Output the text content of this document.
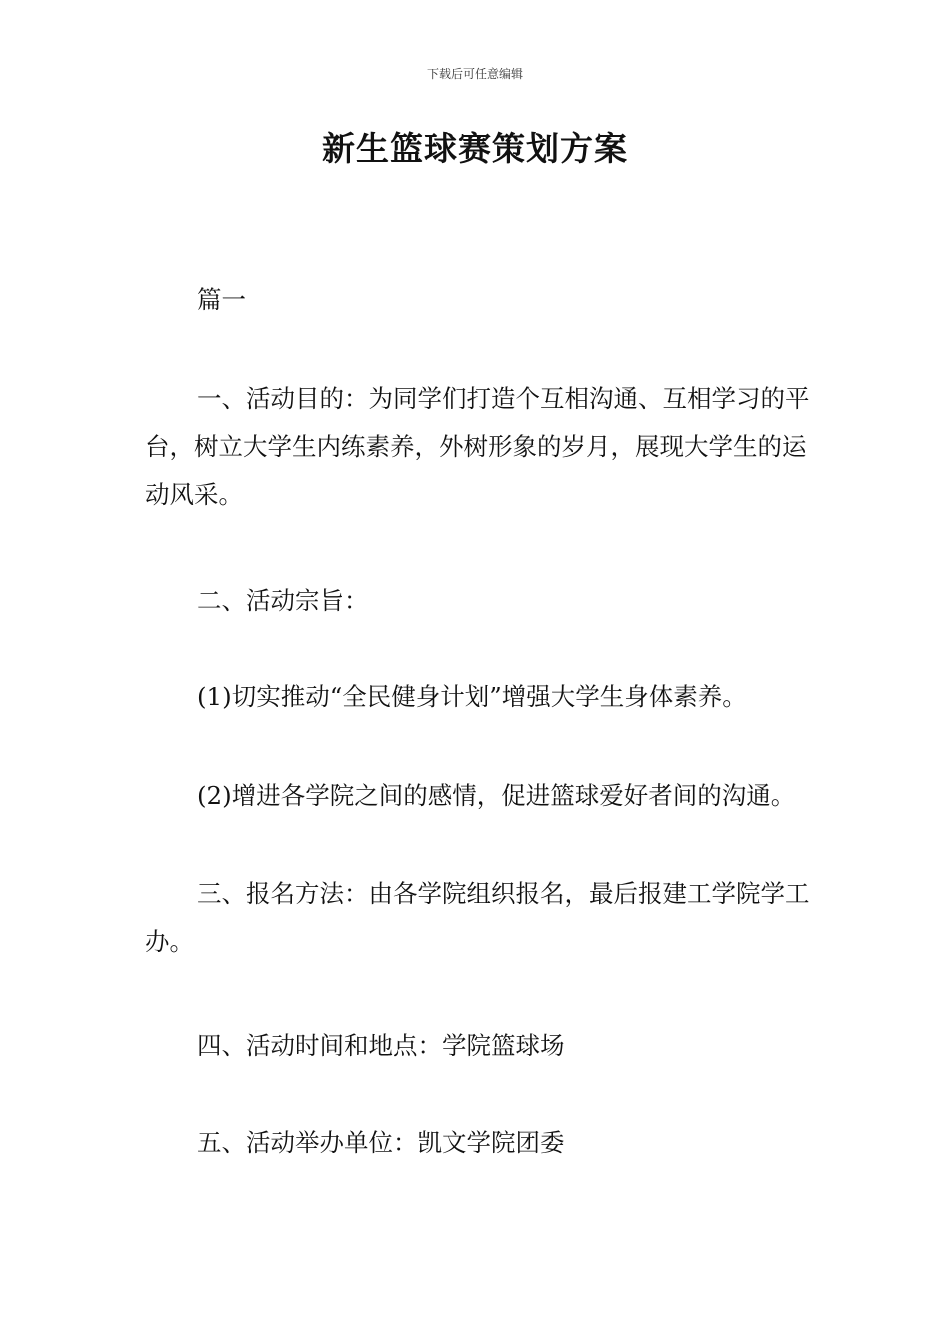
下载后可任意编辑
新生篮球赛策划方案

篇一

一、活动目的：为同学们打造个互相沟通、互相学习的平台，树立大学生内练素养，外树形象的岁月，展现大学生的运动风采。

二、活动宗旨：

(1)切实推动“全民健身计划”增强大学生身体素养。

(2)增进各学院之间的感情，促进篮球爱好者间的沟通。

三、报名方法：由各学院组织报名，最后报建工学院学工办。

四、活动时间和地点：学院篮球场

五、活动举办单位：凯文学院团委
